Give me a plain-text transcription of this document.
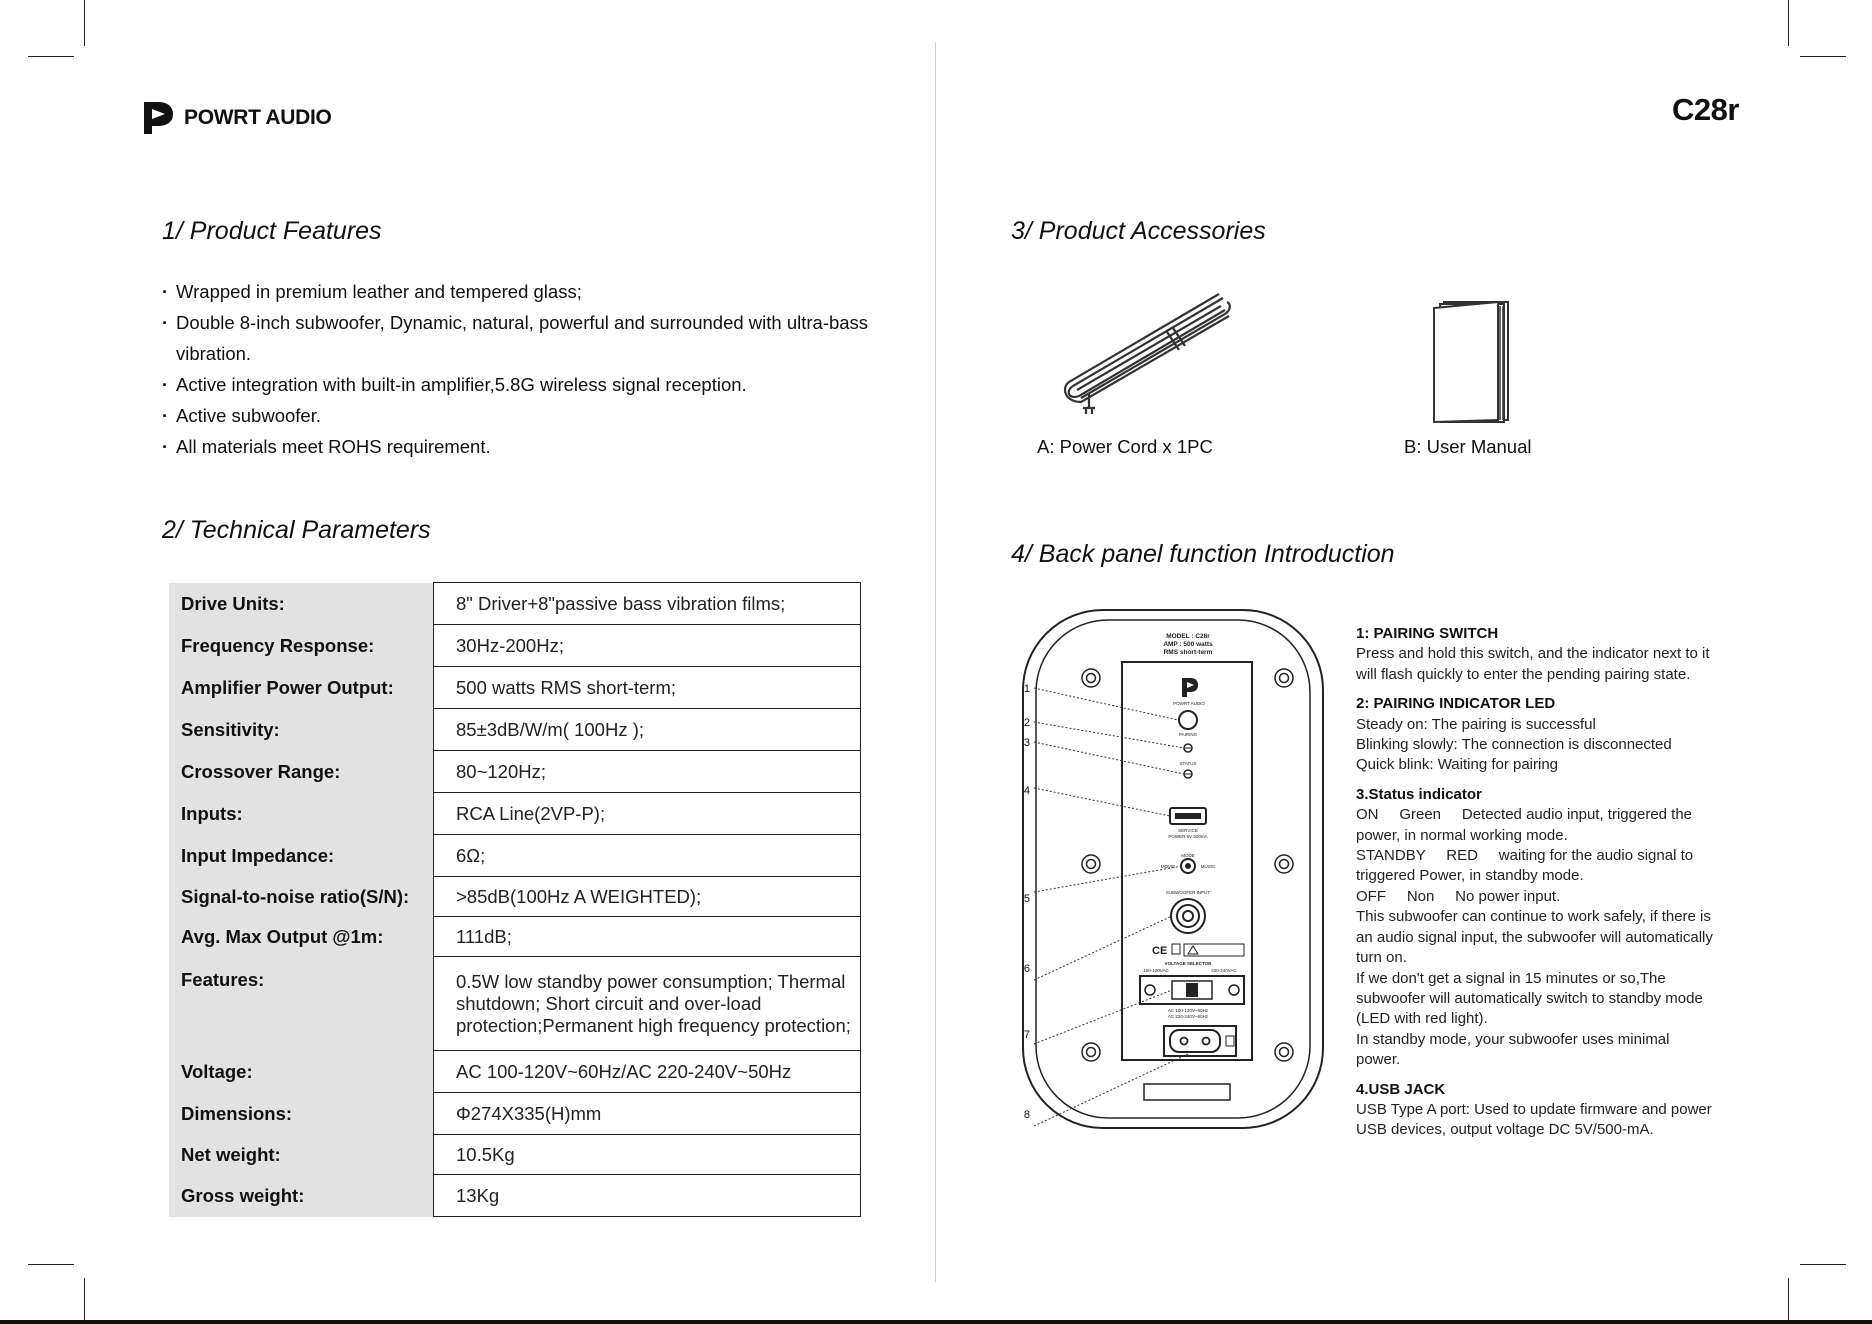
POWRT AUDIO	C28r
1/ Product Features
2/ Technical Parameters
3/ Product Accessories
4/ Back panel function Introduction
· Wrapped in premium leather and tempered glass;
· Double 8-inch subwoofer, Dynamic, natural, powerful and surrounded with ultra-bass vibration.
· Active integration with built-in amplifier,5.8G wireless signal reception.
· Active subwoofer.
· All materials meet ROHS requirement.
Drive Units:	8" Driver+8"passive bass vibration films;
Frequency Response:	30Hz-200Hz;
Amplifier Power Output:	500 watts RMS short-term;
Sensitivity:	85±3dB/W/m( 100Hz );
Crossover Range:	80~120Hz;
Inputs:	RCA Line(2VP-P);
Input Impedance:	6Ω;
Signal-to-noise ratio(S/N):	>85dB(100Hz A WEIGHTED);
Avg. Max Output @1m:	111dB;
Features:	0.5W low standby power consumption; Thermal shutdown; Short circuit and over-load protection;Permanent high frequency protection;
Voltage:	AC 100-120V~60Hz/AC 220-240V~50Hz
Dimensions:	Φ274X335(H)mm
Net weight:	10.5Kg
Gross weight:	13Kg
A: Power Cord x 1PC	B: User Manual
MODEL : C28r
AMP : 500 watts
RMS short-term
POWRT AUDIO
PAIRING
STATUS
SERVICE
POWER 5V 500mA
MODE
MOVIE	MUSIC
SUBWOOFER INPUT
CE
VOLTAGE SELECTOR
100-120VAC	220-240VAC
AC 100-120V~60Hz
AC 220-240V~50Hz
1
2
3
4
5
6
7
8

1: PAIRING SWITCH

Press and hold this switch, and the indicator next to it will flash quickly to enter the pending pairing state.

2: PAIRING INDICATOR LED

Steady on: The pairing is successful

Blinking slowly: The connection is disconnected

Quick blink: Waiting for pairing

3.Status indicator

ON     Green     Detected audio input, triggered the power, in normal working mode.

STANDBY     RED     waiting for the audio signal to triggered Power, in standby mode.

OFF     Non     No power input.

This subwoofer can continue to work safely, if there is an audio signal input, the subwoofer will automatically turn on.

If we don't get a signal in 15 minutes or so,The subwoofer will automatically switch to standby mode (LED with red light).

In standby mode, your subwoofer uses minimal power.

4.USB JACK

USB Type A port: Used to update firmware and power USB devices, output voltage DC 5V/500-mA.
